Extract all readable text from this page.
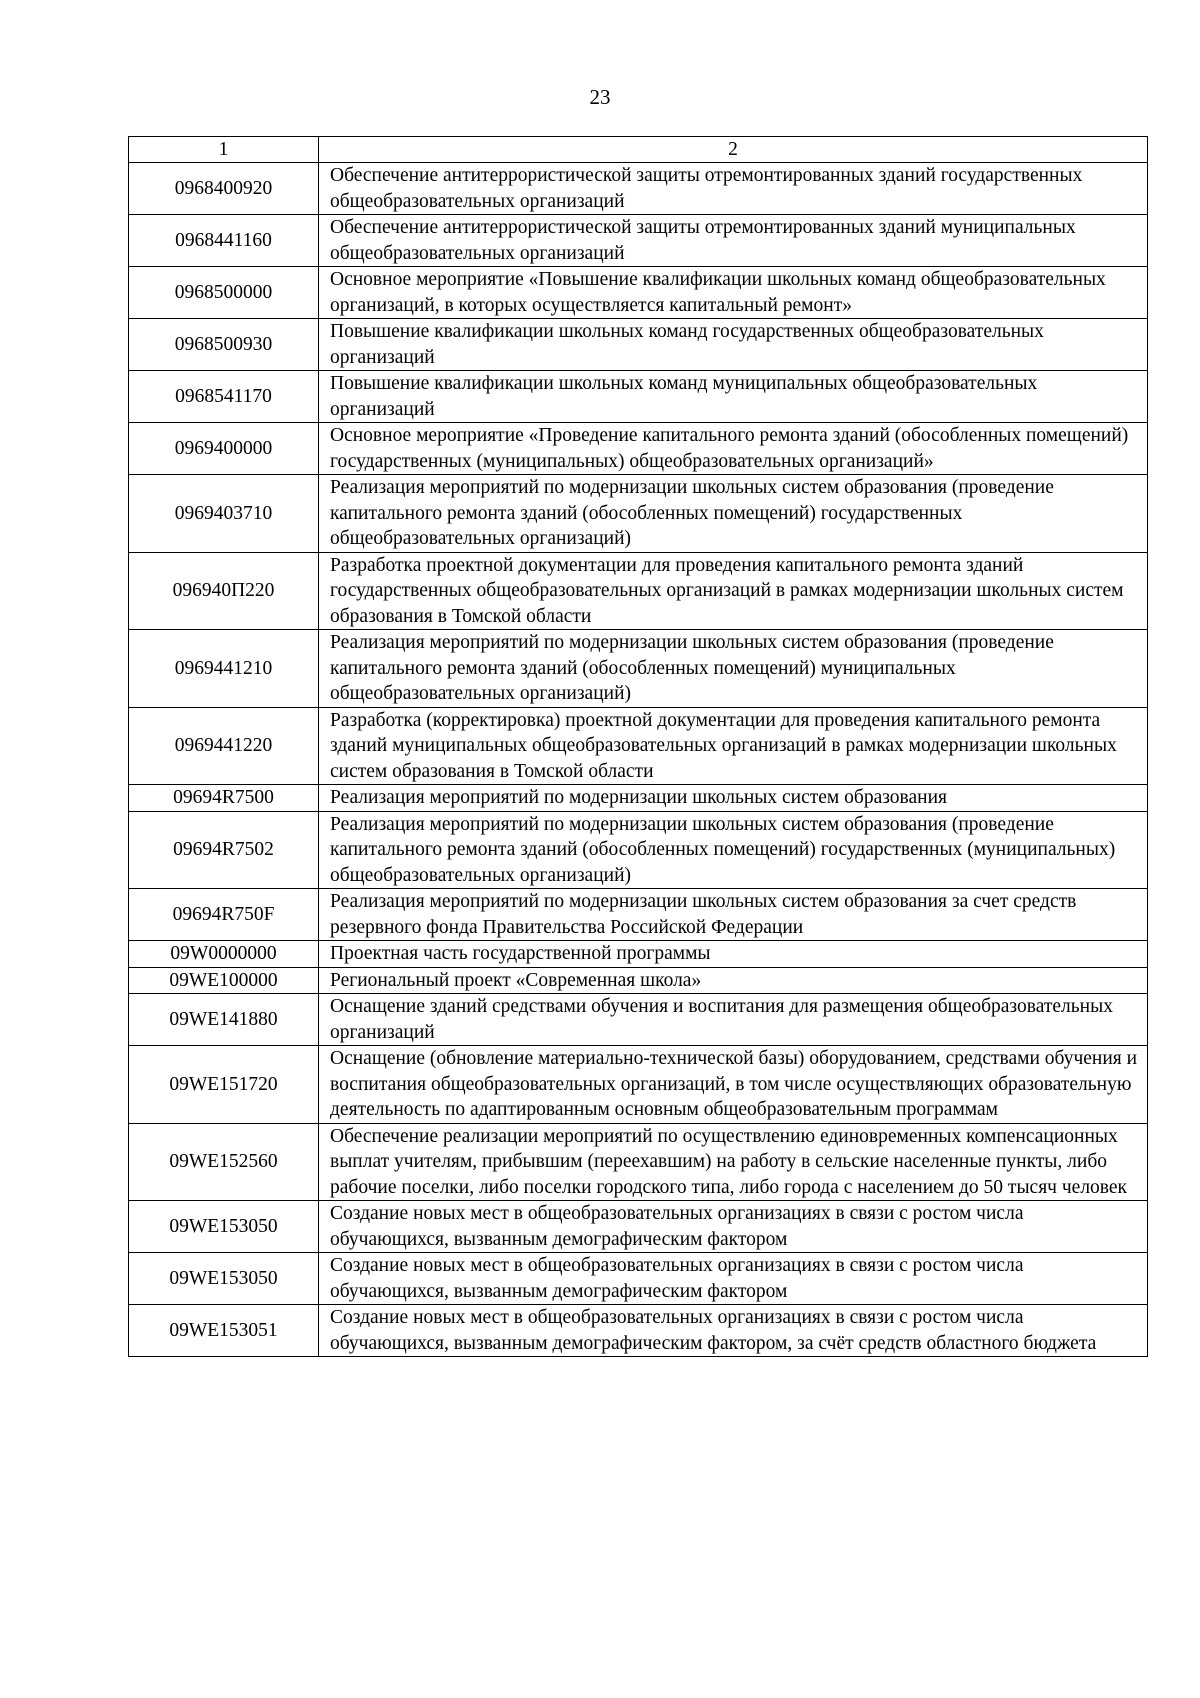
23
1	2
0968400920	Обеспечение антитеррористической защиты отремонтированных зданий государственных общеобразовательных организаций
0968441160	Обеспечение антитеррористической защиты отремонтированных зданий муниципальных общеобразовательных организаций
0968500000	Основное мероприятие «Повышение квалификации школьных команд общеобразовательных организаций, в которых осуществляется капитальный ремонт»
0968500930	Повышение квалификации школьных команд государственных общеобразовательных организаций
0968541170	Повышение квалификации школьных команд муниципальных общеобразовательных организаций
0969400000	Основное мероприятие «Проведение капитального ремонта зданий (обособленных помещений) государственных (муниципальных) общеобразовательных организаций»
0969403710	Реализация мероприятий по модернизации школьных систем образования (проведение капитального ремонта зданий (обособленных помещений) государственных общеобразовательных организаций)
096940П220	Разработка проектной документации для проведения капитального ремонта зданий государственных общеобразовательных организаций в рамках модернизации школьных систем образования в Томской области
0969441210	Реализация мероприятий по модернизации школьных систем образования (проведение капитального ремонта зданий (обособленных помещений) муниципальных общеобразовательных организаций)
0969441220	Разработка (корректировка) проектной документации для проведения капитального ремонта зданий муниципальных общеобразовательных организаций в рамках модернизации школьных систем образования в Томской области
09694R7500	Реализация мероприятий по модернизации школьных систем образования
09694R7502	Реализация мероприятий по модернизации школьных систем образования (проведение капитального ремонта зданий (обособленных помещений) государственных (муниципальных) общеобразовательных организаций)
09694R750F	Реализация мероприятий по модернизации школьных систем образования за счет средств резервного фонда Правительства Российской Федерации
09W0000000	Проектная часть государственной программы
09WE100000	Региональный проект «Современная школа»
09WE141880	Оснащение зданий средствами обучения и воспитания для размещения общеобразовательных организаций
09WE151720	Оснащение (обновление материально-технической базы) оборудованием, средствами обучения и воспитания общеобразовательных организаций, в том числе осуществляющих образовательную деятельность по адаптированным основным общеобразовательным программам
09WE152560	Обеспечение реализации мероприятий по осуществлению единовременных компенсационных выплат учителям, прибывшим (переехавшим) на работу в сельские населенные пункты, либо рабочие поселки, либо поселки городского типа, либо города с населением до 50 тысяч человек
09WE153050	Создание новых мест в общеобразовательных организациях в связи с ростом числа обучающихся, вызванным демографическим фактором
09WE153050	Создание новых мест в общеобразовательных организациях в связи с ростом числа обучающихся, вызванным демографическим фактором
09WE153051	Создание новых мест в общеобразовательных организациях в связи с ростом числа обучающихся, вызванным демографическим фактором, за счёт средств областного бюджета
